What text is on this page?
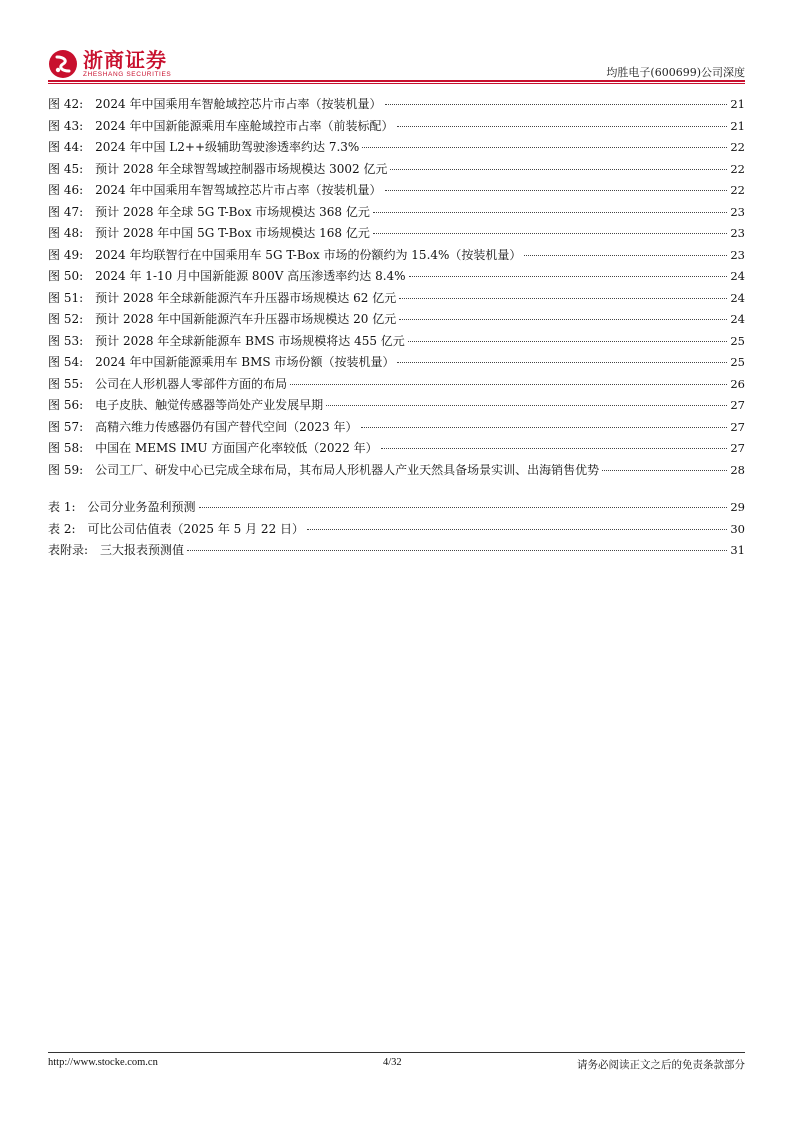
浙商证券
ZHESHANG SECURITIES	均胜电子(600699)公司深度
图 42: 2024 年中国乘用车智舱域控芯片市占率（按装机量）	21
图 43: 2024 年中国新能源乘用车座舱域控市占率（前装标配）	21
图 44: 2024 年中国 L2++级辅助驾驶渗透率约达 7.3%	22
图 45: 预计 2028 年全球智驾域控制器市场规模达 3002 亿元	22
图 46: 2024 年中国乘用车智驾域控芯片市占率（按装机量）	22
图 47: 预计 2028 年全球 5G T-Box 市场规模达 368 亿元	23
图 48: 预计 2028 年中国 5G T-Box 市场规模达 168 亿元	23
图 49: 2024 年均联智行在中国乘用车 5G T-Box 市场的份额约为 15.4%（按装机量）	23
图 50: 2024 年 1-10 月中国新能源 800V 高压渗透率约达 8.4%	24
图 51: 预计 2028 年全球新能源汽车升压器市场规模达 62 亿元	24
图 52: 预计 2028 年中国新能源汽车升压器市场规模达 20 亿元	24
图 53: 预计 2028 年全球新能源车 BMS 市场规模将达 455 亿元	25
图 54: 2024 年中国新能源乘用车 BMS 市场份额（按装机量）	25
图 55: 公司在人形机器人零部件方面的布局	26
图 56: 电子皮肤、触觉传感器等尚处产业发展早期	27
图 57: 高精六维力传感器仍有国产替代空间（2023 年）	27
图 58: 中国在 MEMS IMU 方面国产化率较低（2022 年）	27
图 59: 公司工厂、研发中心已完成全球布局，其布局人形机器人产业天然具备场景实训、出海销售优势	28
表 1: 公司分业务盈利预测	29
表 2: 可比公司估值表（2025 年 5 月 22 日）	30
表附录: 三大报表预测值	31
http://www.stocke.com.cn	4/32	请务必阅读正文之后的免责条款部分
